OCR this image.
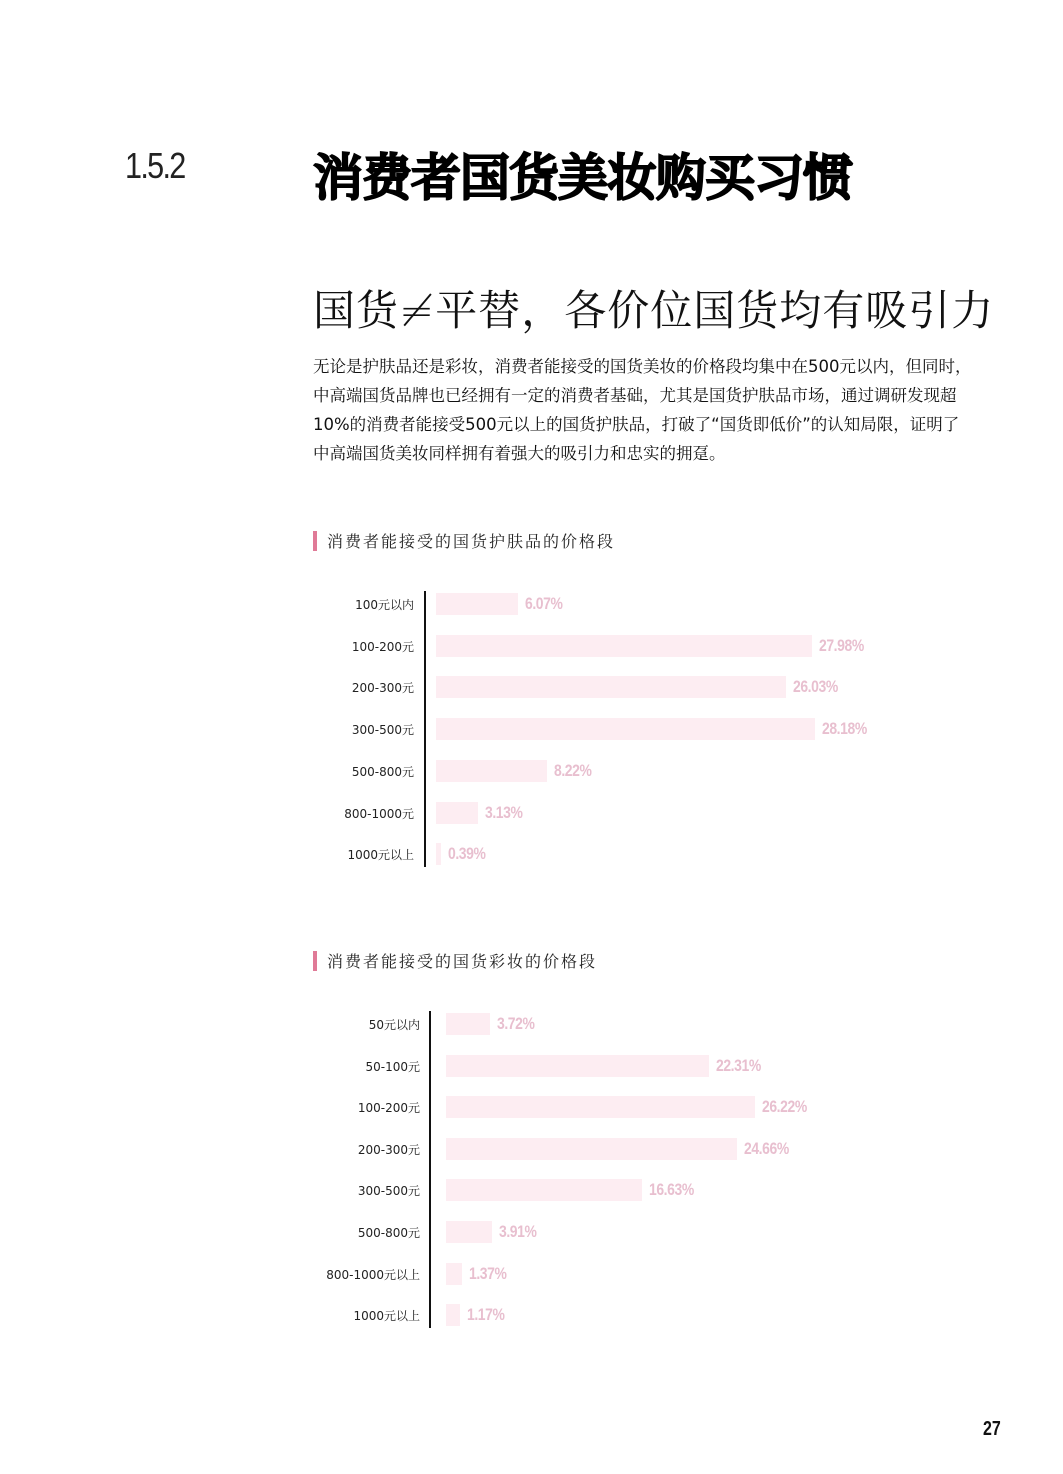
1.5.2	消费者国货美妆购买习惯
国货≠平替，各价位国货均有吸引力
无论是护肤品还是彩妆，消费者能接受的国货美妆的价格段均集中在500元以内，但同时，
中高端国货品牌也已经拥有一定的消费者基础，尤其是国货护肤品市场，通过调研发现超
10%的消费者能接受500元以上的国货护肤品，打破了“国货即低价”的认知局限，证明了
中高端国货美妆同样拥有着强大的吸引力和忠实的拥趸。
消费者能接受的国货护肤品的价格段
100元以内	6.07%
100-200元	27.98%
200-300元	26.03%
300-500元	28.18%
500-800元	8.22%
800-1000元	3.13%
1000元以上 0.39%
消费者能接受的国货彩妆的价格段
50元以内	3.72%
50-100元	22.31%
100-200元	26.22%
200-300元	24.66%
300-500元	16.63%
500-800元	3.91%
800-1000元以上	1.37%
1000元以上	1.17%
27
